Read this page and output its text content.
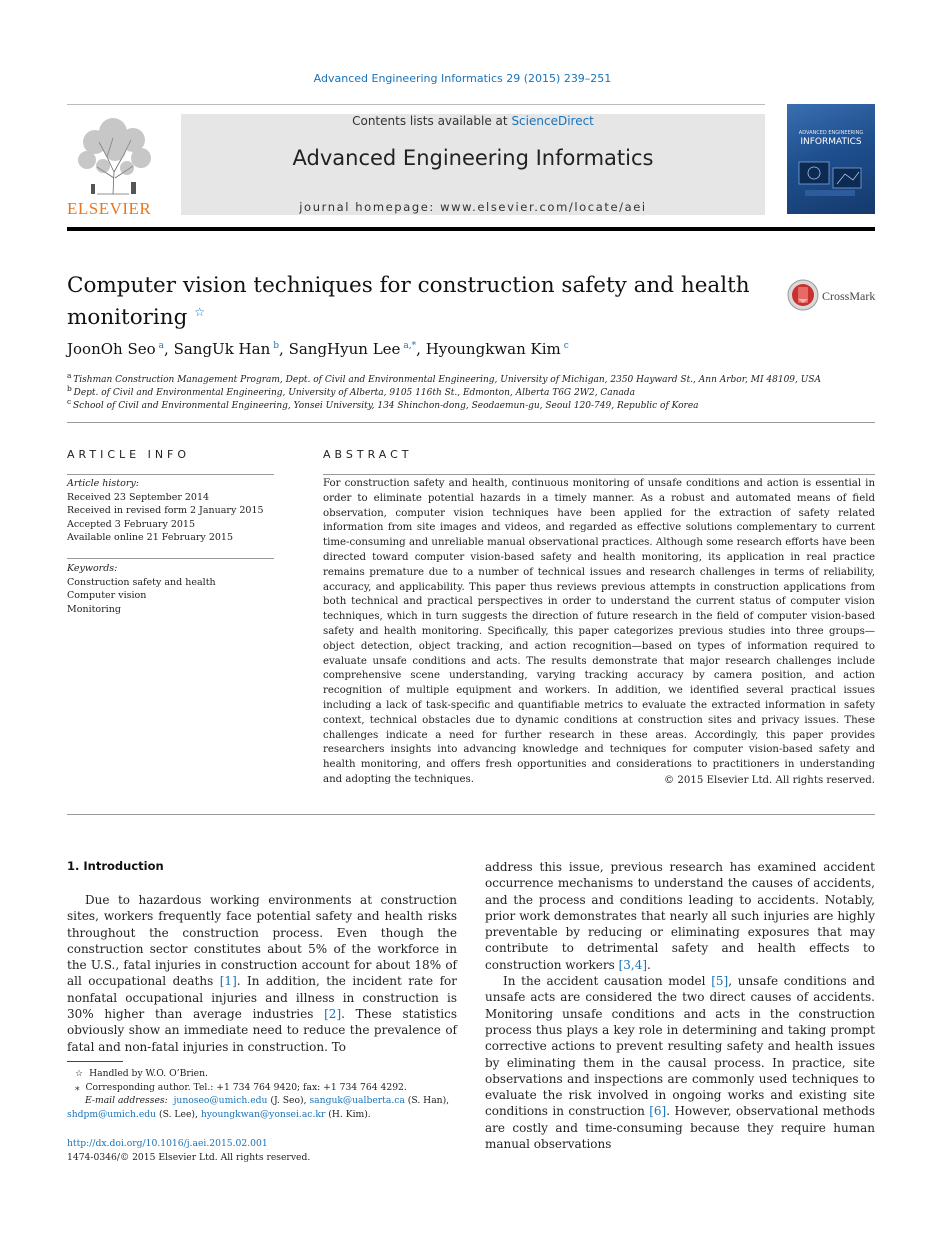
Advanced Engineering Informatics 29 (2015) 239–251
ELSEVIER
Contents lists available at ScienceDirect
Advanced Engineering Informatics
journal homepage: www.elsevier.com/locate/aei
ADVANCED ENGINEERING
INFORMATICS
Computer vision techniques for construction safety and health
monitoring ☆
CrossMark
JoonOh Seo  $^a$, SangUk Han  $^b$, SangHyun Lee  $^{a,*}$, Hyoungkwan Kim  $^c$
$^a$  Tishman Construction Management Program, Dept. of Civil and Environmental Engineering, University of Michigan, 2350 Hayward St., Ann Arbor, MI 48109, USA
$^b$  Dept. of Civil and Environmental Engineering, University of Alberta, 9105 116th St., Edmonton, Alberta T6G 2W2, Canada
$^c$  School of Civil and Environmental Engineering, Yonsei University, 134 Shinchon-dong, Seodaemun-gu, Seoul 120-749, Republic of Korea
ARTICLE INFO
Article history:
Received 23 September 2014
Received in revised form 2 January 2015
Accepted 3 February 2015
Available online 21 February 2015
Keywords:
Construction safety and health
Computer vision
Monitoring
ABSTRACT
For construction safety and health, continuous monitoring of unsafe conditions and action is essential in order to eliminate potential hazards in a timely manner. As a robust and automated means of field observation, computer vision techniques have been applied for the extraction of safety related information from site images and videos, and regarded as effective solutions complementary to current time-consuming and unreliable manual observational practices. Although some research efforts have been directed toward computer vision-based safety and health monitoring, its application in real practice remains premature due to a number of technical issues and research challenges in terms of reliability, accuracy, and applicability. This paper thus reviews previous attempts in construction applications from both technical and practical perspectives in order to understand the current status of computer vision techniques, which in turn suggests the direction of future research in the field of computer vision-based safety and health monitoring. Specifically, this paper categorizes previous studies into three groups—object detection, object tracking, and action recognition—based on types of information required to evaluate unsafe conditions and acts. The results demonstrate that major research challenges include comprehensive scene understanding, varying tracking accuracy by camera position, and action recognition of multiple equipment and workers. In addition, we identified several practical issues including a lack of task-specific and quantifiable metrics to evaluate the extracted information in safety context, technical obstacles due to dynamic conditions at construction sites and privacy issues. These challenges indicate a need for further research in these areas. Accordingly, this paper provides researchers insights into advancing knowledge and techniques for computer vision-based safety and health monitoring, and offers fresh opportunities and considerations to practitioners in understanding and adopting the techniques.	© 2015 Elsevier Ltd. All rights reserved.
1. Introduction

Due to hazardous working environments at construction sites, workers frequently face potential safety and health risks throughout the construction process. Even though the construction sector constitutes about 5% of the workforce in the U.S., fatal injuries in construction account for about 18% of all occupational deaths [1]. In addition, the incident rate for nonfatal occupational injuries and illness in construction is 30% higher than average industries [2]. These statistics obviously show an immediate need to reduce the prevalence of fatal and non-fatal injuries in construction. To

address this issue, previous research has examined accident occurrence mechanisms to understand the causes of accidents, and the process and conditions leading to accidents. Notably, prior work demonstrates that nearly all such injuries are highly preventable by reducing or eliminating exposures that may contribute to detrimental safety and health effects to construction workers [3,4].

In the accident causation model [5], unsafe conditions and unsafe acts are considered the two direct causes of accidents. Monitoring unsafe conditions and acts in the construction process thus plays a key role in determining and taking prompt corrective actions to prevent resulting safety and health issues by eliminating them in the causal process. In practice, site observations and inspections are commonly used techniques to evaluate the risk involved in ongoing works and existing site conditions in construction [6]. However, observational methods are costly and time-consuming because they require human manual observations

☆ Handled by W.O. O’Brien.
⁎ Corresponding author. Tel.: +1 734 764 9420; fax: +1 734 764 4292.
E-mail addresses: junoseo@umich.edu (J. Seo), sanguk@ualberta.ca (S. Han),
shdpm@umich.edu (S. Lee), hyoungkwan@yonsei.ac.kr (H. Kim).
http://dx.doi.org/10.1016/j.aei.2015.02.001
1474-0346/© 2015 Elsevier Ltd. All rights reserved.
